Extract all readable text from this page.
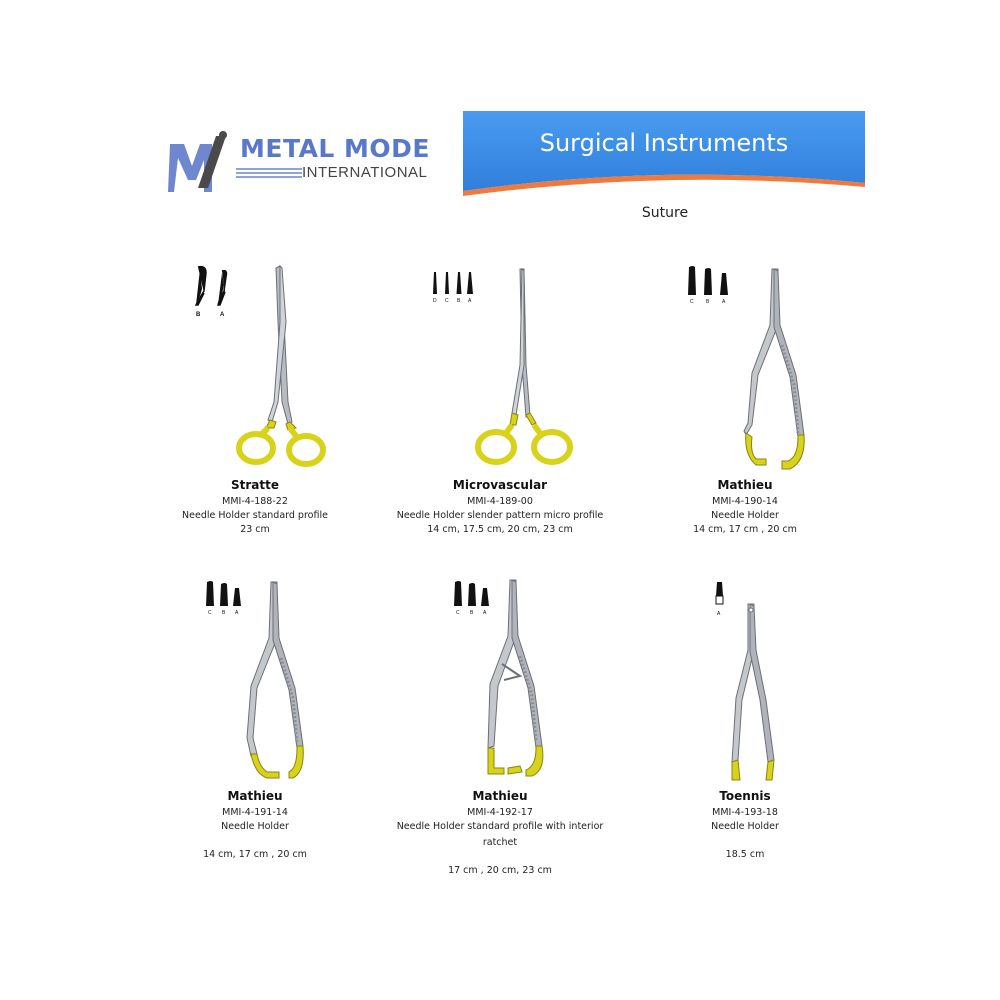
METAL MODE
INTERNATIONAL
Surgical Instruments
Suture
B	A
Stratte
MMI-4-188-22
Needle Holder standard profile
23 cm
D C B A
Microvascular
MMI-4-189-00
Needle Holder slender pattern micro profile
14 cm, 17.5 cm, 20 cm, 23 cm
C B	A
Mathieu
MMI-4-190-14
Needle Holder
14 cm, 17 cm , 20 cm
C B A
Mathieu
MMI-4-191-14
Needle Holder
14 cm, 17 cm , 20 cm
C B A
Mathieu
MMI-4-192-17
Needle Holder standard profile with interior
ratchet
17 cm , 20 cm, 23 cm
A
Toennis
MMI-4-193-18
Needle Holder
18.5 cm
